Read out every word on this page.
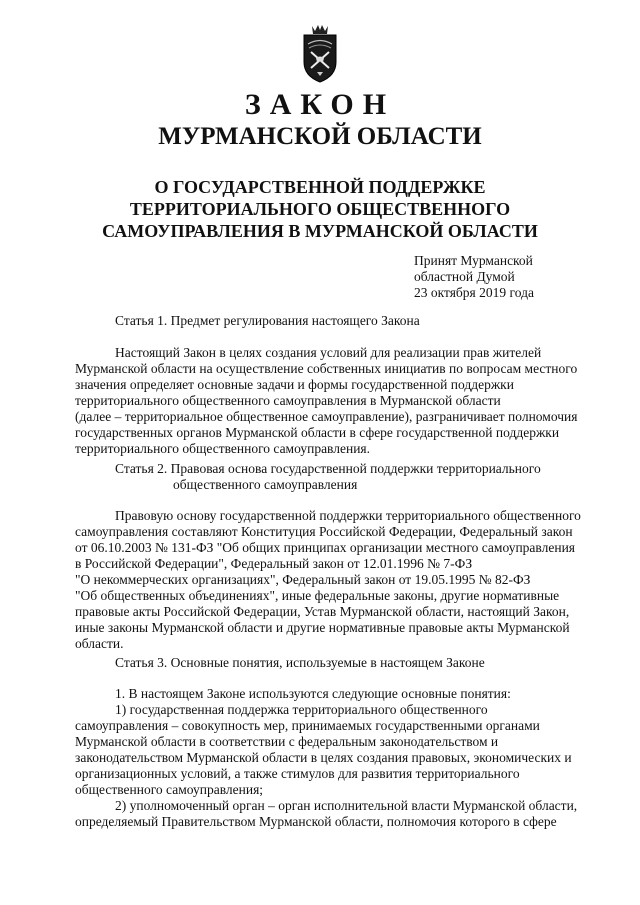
ЗАКОН
МУРМАНСКОЙ ОБЛАСТИ
О ГОСУДАРСТВЕННОЙ ПОДДЕРЖКЕ
ТЕРРИТОРИАЛЬНОГО ОБЩЕСТВЕННОГО
САМОУПРАВЛЕНИЯ В МУРМАНСКОЙ ОБЛАСТИ
Принят Мурманской
областной Думой
23 октября 2019 года
Статья 1. Предмет регулирования настоящего Закона
Настоящий Закон в целях создания условий для реализации прав жителей
Мурманской области на осуществление собственных инициатив по вопросам местного
значения определяет основные задачи и формы государственной поддержки
территориального общественного самоуправления в Мурманской области
(далее – территориальное общественное самоуправление), разграничивает полномочия
государственных органов Мурманской области в сфере государственной поддержки
территориального общественного самоуправления.
Статья 2. Правовая основа государственной поддержки территориального
общественного самоуправления
Правовую основу государственной поддержки территориального общественного
самоуправления составляют Конституция Российской Федерации, Федеральный закон
от 06.10.2003 № 131-ФЗ "Об общих принципах организации местного самоуправления
в Российской Федерации", Федеральный закон от 12.01.1996 № 7-ФЗ
"О некоммерческих организациях", Федеральный закон от 19.05.1995 № 82-ФЗ
"Об общественных объединениях", иные федеральные законы, другие нормативные
правовые акты Российской Федерации, Устав Мурманской области, настоящий Закон,
иные законы Мурманской области и другие нормативные правовые акты Мурманской
области.
Статья 3. Основные понятия, используемые в настоящем Законе
1. В настоящем Законе используются следующие основные понятия:
1) государственная поддержка территориального общественного
самоуправления – совокупность мер, принимаемых государственными органами
Мурманской области в соответствии с федеральным законодательством и
законодательством Мурманской области в целях создания правовых, экономических и
организационных условий, а также стимулов для развития территориального
общественного самоуправления;
2) уполномоченный орган – орган исполнительной власти Мурманской области,
определяемый Правительством Мурманской области, полномочия которого в сфере
